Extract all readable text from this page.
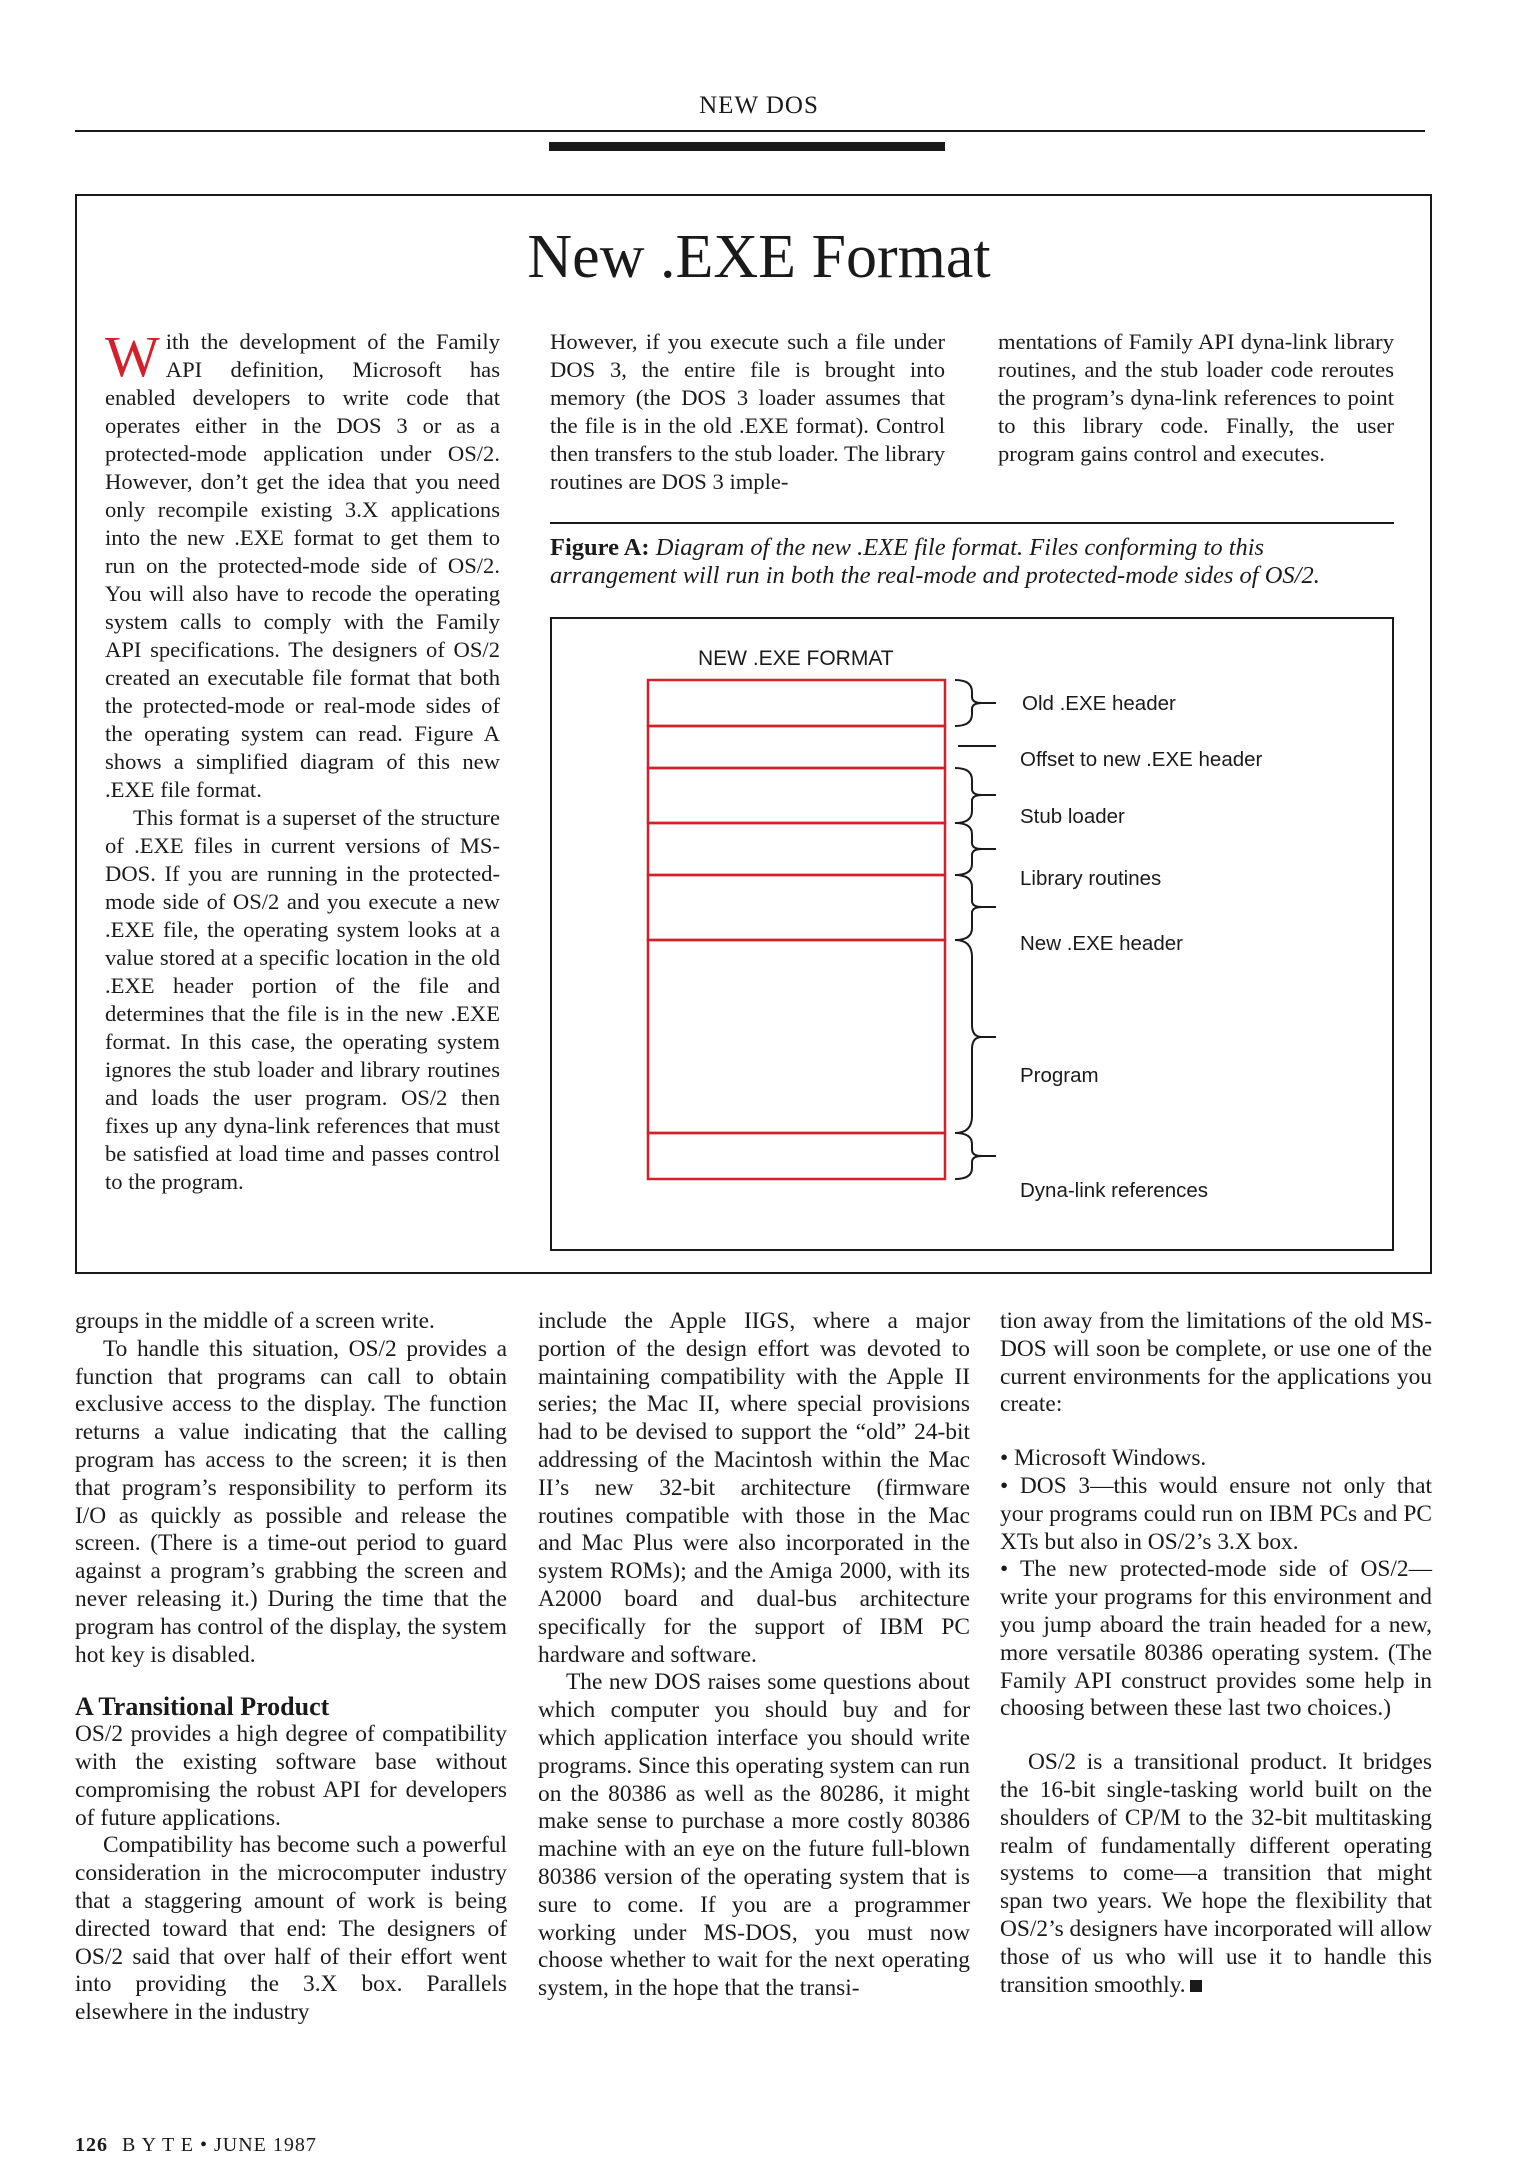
NEW DOS
New .EXE Format

With the development of the Family API definition, Microsoft has enabled developers to write code that operates either in the DOS 3 or as a protected-mode application under OS/2. However, don’t get the idea that you need only recompile existing 3.X applications into the new .EXE format to get them to run on the protected-mode side of OS/2. You will also have to recode the operating system calls to comply with the Family API specifications. The designers of OS/2 created an executable file format that both the protected-mode or real-mode sides of the operating system can read. Figure A shows a simplified diagram of this new .EXE file format.

This format is a superset of the structure of .EXE files in current versions of MS-DOS. If you are running in the protected-mode side of OS/2 and you execute a new .EXE file, the operating system looks at a value stored at a specific location in the old .EXE header portion of the file and determines that the file is in the new .EXE format. In this case, the operating system ignores the stub loader and library routines and loads the user program. OS/2 then fixes up any dyna-link references that must be satisfied at load time and passes control to the program.

However, if you execute such a file under DOS 3, the entire file is brought into memory (the DOS 3 loader assumes that the file is in the old .EXE format). Control then transfers to the stub loader. The library routines are DOS 3 imple-

mentations of Family API dyna-link library routines, and the stub loader code reroutes the program’s dyna-link references to point to this library code. Finally, the user program gains control and executes.

Figure A: Diagram of the new .EXE file format. Files conforming to this arrangement will run in both the real-mode and protected-mode sides of OS/2.
NEW .EXE FORMAT
Old .EXE header
Offset to new .EXE header
Stub loader
Library routines
New .EXE header
Program
Dyna-link references

groups in the middle of a screen write.

To handle this situation, OS/2 provides a function that programs can call to obtain exclusive access to the display. The function returns a value indicating that the calling program has access to the screen; it is then that program’s responsibility to perform its I/O as quickly as possible and release the screen. (There is a time-out period to guard against a program’s grabbing the screen and never releasing it.) During the time that the program has control of the display, the system hot key is disabled.

A Transitional Product

OS/2 provides a high degree of compatibility with the existing software base without compromising the robust API for developers of future applications.

Compatibility has become such a powerful consideration in the microcomputer industry that a staggering amount of work is being directed toward that end: The designers of OS/2 said that over half of their effort went into providing the 3.X box. Parallels elsewhere in the industry

include the Apple IIGS, where a major portion of the design effort was devoted to maintaining compatibility with the Apple II series; the Mac II, where special provisions had to be devised to support the “old” 24-bit addressing of the Macintosh within the Mac II’s new 32-bit architecture (firmware routines compatible with those in the Mac and Mac Plus were also incorporated in the system ROMs); and the Amiga 2000, with its A2000 board and dual-bus architecture specifically for the support of IBM PC hardware and software.

The new DOS raises some questions about which computer you should buy and for which application interface you should write programs. Since this operating system can run on the 80386 as well as the 80286, it might make sense to purchase a more costly 80386 machine with an eye on the future full-blown 80386 version of the operating system that is sure to come. If you are a programmer working under MS-DOS, you must now choose whether to wait for the next operating system, in the hope that the transi-

tion away from the limitations of the old MS-DOS will soon be complete, or use one of the current environments for the applications you create:

• Microsoft Windows.

• DOS 3—this would ensure not only that your programs could run on IBM PCs and PC XTs but also in OS/2’s 3.X box.

• The new protected-mode side of OS/2—write your programs for this environment and you jump aboard the train headed for a new, more versatile 80386 operating system. (The Family API construct provides some help in choosing between these last two choices.)

OS/2 is a transitional product. It bridges the 16-bit single-tasking world built on the shoulders of CP/M to the 32-bit multitasking realm of fundamentally different operating systems to come—a transition that might span two years. We hope the flexibility that OS/2’s designers have incorporated will allow those of us who will use it to handle this transition smoothly.

126 B Y T E • JUNE 1987
